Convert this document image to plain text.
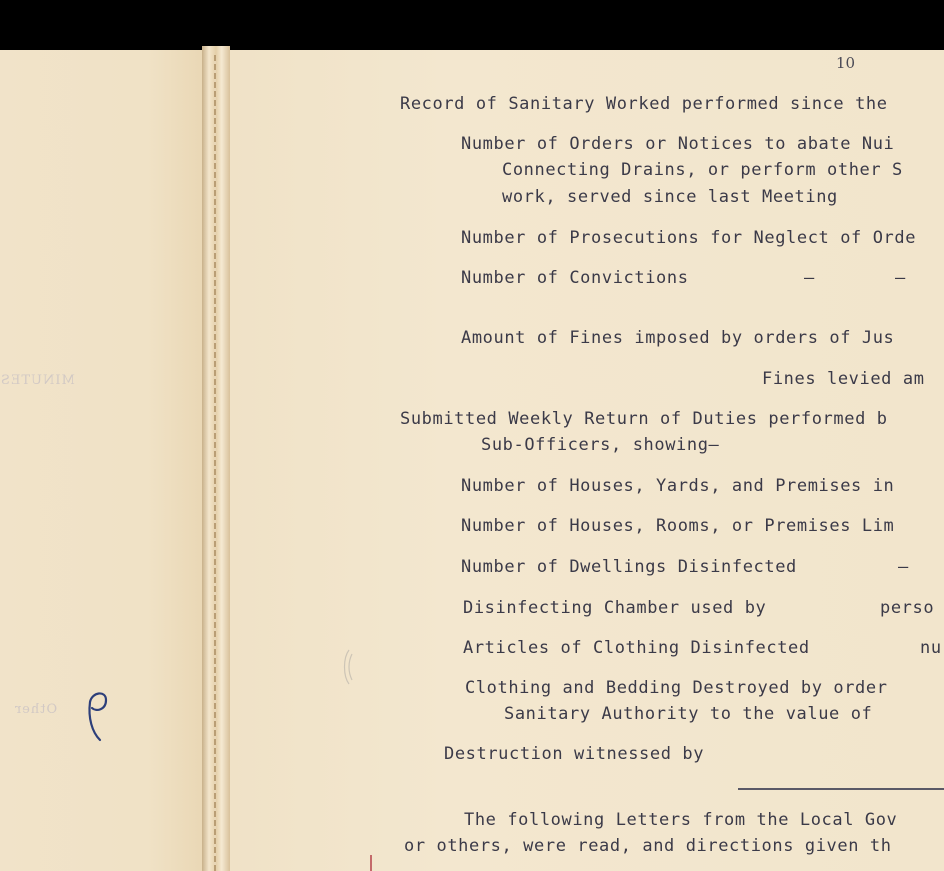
MINUTES
Other
10
Record of Sanitary Worked performed since the
Number of Orders or Notices to abate Nui
Connecting Drains, or perform other S
work, served since last Meeting
Number of Prosecutions for Neglect of Orde
Number of Convictions	–	–
Amount of Fines imposed by orders of Jus
Fines levied am
Submitted Weekly Return of Duties performed b
Sub-Officers, showing—
Number of Houses, Yards, and Premises in
Number of Houses, Rooms, or Premises Lim
Number of Dwellings Disinfected	–
Disinfecting Chamber used by	perso
Articles of Clothing Disinfected	nu
Clothing and Bedding Destroyed by order
Sanitary Authority to the value of
Destruction witnessed by
The following Letters from the Local Gov
or others, were read, and directions given th
